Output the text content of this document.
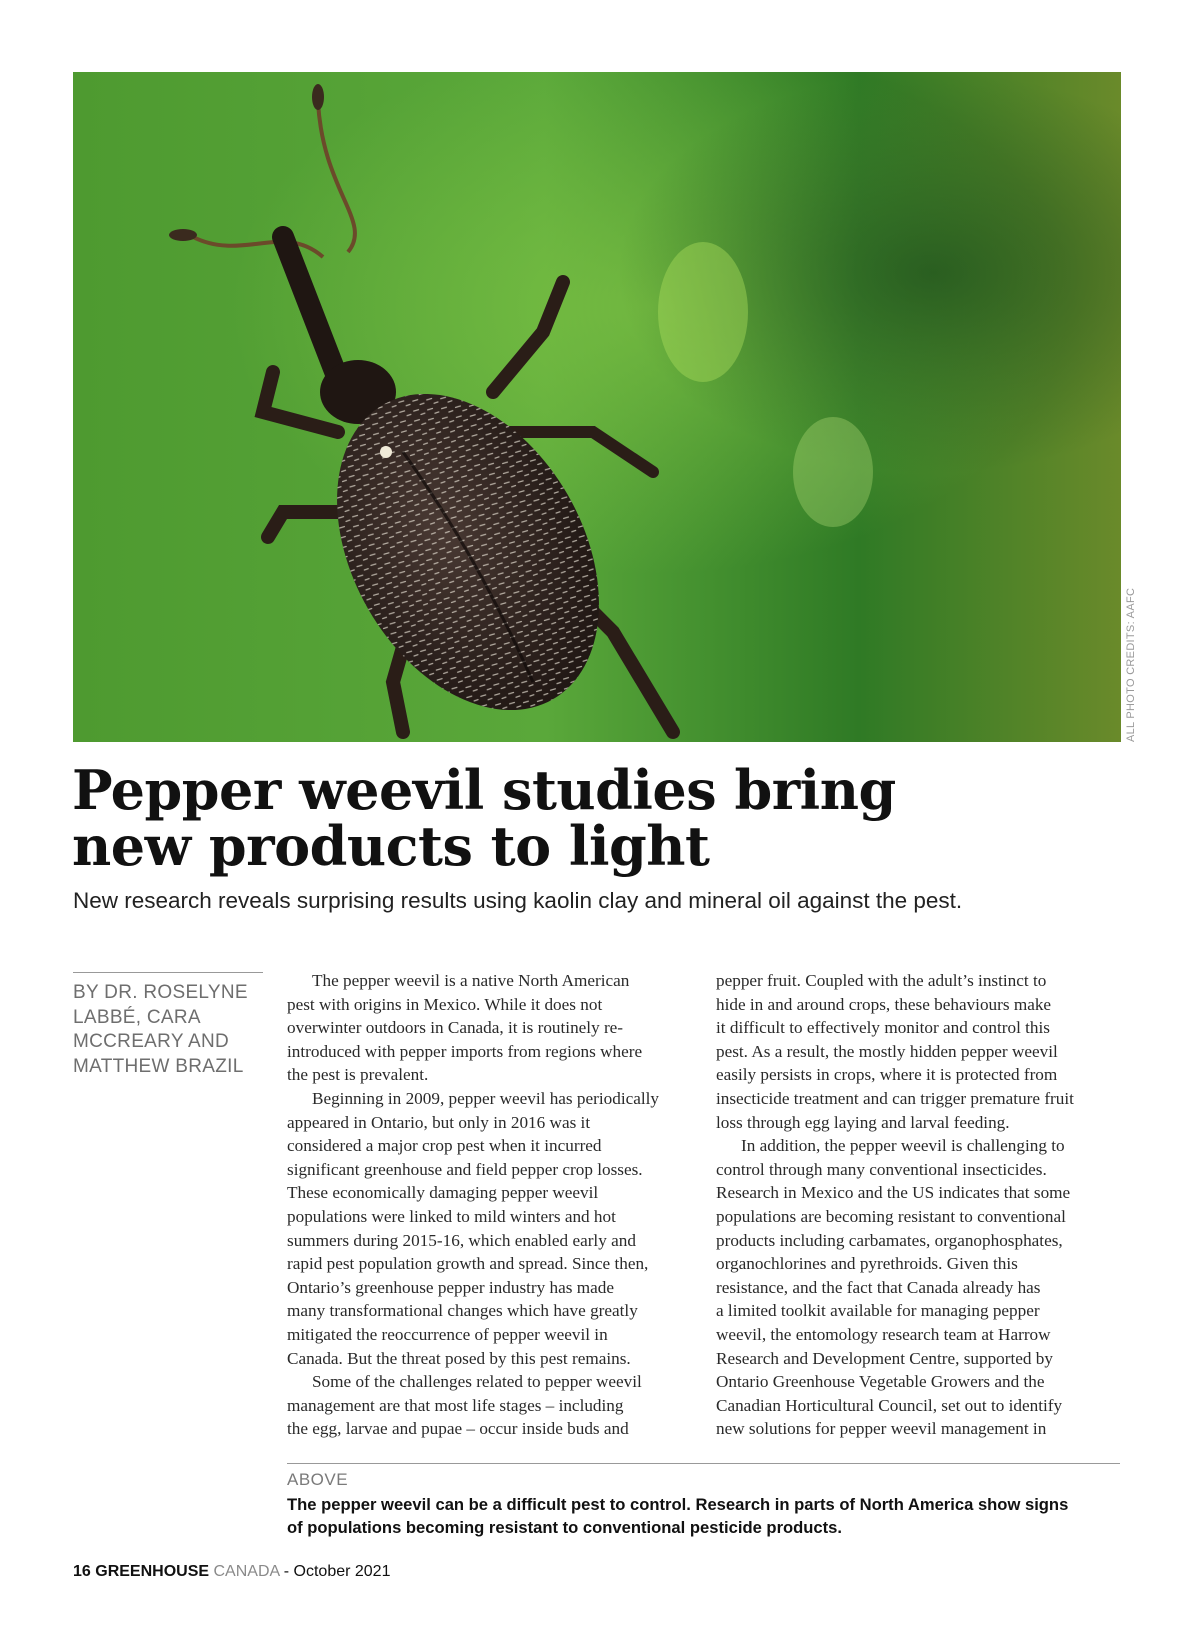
ALL PHOTO CREDITS: AAFC
Pepper weevil studies bring
new products to light
New research reveals surprising results using kaolin clay and mineral oil against the pest.
BY DR. ROSELYNE
LABBÉ, CARA
MCCREARY AND
MATTHEW BRAZIL
The pepper weevil is a native North American
pest with origins in Mexico. While it does not
overwinter outdoors in Canada, it is routinely re-
introduced with pepper imports from regions where
the pest is prevalent.
Beginning in 2009, pepper weevil has periodically
appeared in Ontario, but only in 2016 was it
considered a major crop pest when it incurred
significant greenhouse and field pepper crop losses.
These economically damaging pepper weevil
populations were linked to mild winters and hot
summers during 2015-16, which enabled early and
rapid pest population growth and spread. Since then,
Ontario’s greenhouse pepper industry has made
many transformational changes which have greatly
mitigated the reoccurrence of pepper weevil in
Canada. But the threat posed by this pest remains.
Some of the challenges related to pepper weevil
management are that most life stages – including
the egg, larvae and pupae – occur inside buds and
pepper fruit. Coupled with the adult’s instinct to
hide in and around crops, these behaviours make
it difficult to effectively monitor and control this
pest. As a result, the mostly hidden pepper weevil
easily persists in crops, where it is protected from
insecticide treatment and can trigger premature fruit
loss through egg laying and larval feeding.
In addition, the pepper weevil is challenging to
control through many conventional insecticides.
Research in Mexico and the US indicates that some
populations are becoming resistant to conventional
products including carbamates, organophosphates,
organochlorines and pyrethroids. Given this
resistance, and the fact that Canada already has
a limited toolkit available for managing pepper
weevil, the entomology research team at Harrow
Research and Development Centre, supported by
Ontario Greenhouse Vegetable Growers and the
Canadian Horticultural Council, set out to identify
new solutions for pepper weevil management in
ABOVE
The pepper weevil can be a difficult pest to control. Research in parts of North America show signs
of populations becoming resistant to conventional pesticide products.
16 GREENHOUSE CANADA - October 2021
